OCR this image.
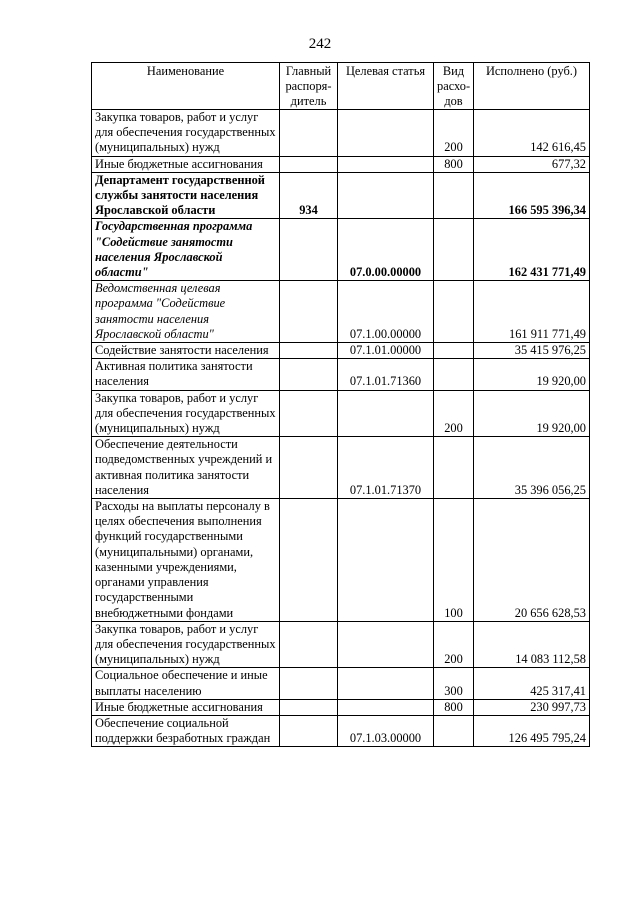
242
Наименование	Главный распоря- дитель	Целевая статья	Вид расхо- дов	Исполнено (руб.)
Закупка товаров, работ и услуг для обеспечения государственных (муниципальных) нужд			200	142 616,45
Иные бюджетные ассигнования			800	677,32
Департамент государственной службы занятости населения Ярославской области	934			166 595 396,34
Государственная программа "Содействие занятости населения Ярославской области"		07.0.00.00000		162 431 771,49
Ведомственная целевая программа "Содействие занятости населения Ярославской области"		07.1.00.00000		161 911 771,49
Содействие занятости населения		07.1.01.00000		35 415 976,25
Активная политика занятости населения		07.1.01.71360		19 920,00
Закупка товаров, работ и услуг для обеспечения государственных (муниципальных) нужд			200	19 920,00
Обеспечение деятельности подведомственных учреждений и активная политика занятости населения		07.1.01.71370		35 396 056,25
Расходы на выплаты персоналу в целях обеспечения выполнения функций государственными (муниципальными) органами, казенными учреждениями, органами управления государственными внебюджетными фондами			100	20 656 628,53
Закупка товаров, работ и услуг для обеспечения государственных (муниципальных) нужд			200	14 083 112,58
Социальное обеспечение и иные выплаты населению			300	425 317,41
Иные бюджетные ассигнования			800	230 997,73
Обеспечение социальной поддержки безработных граждан		07.1.03.00000		126 495 795,24
